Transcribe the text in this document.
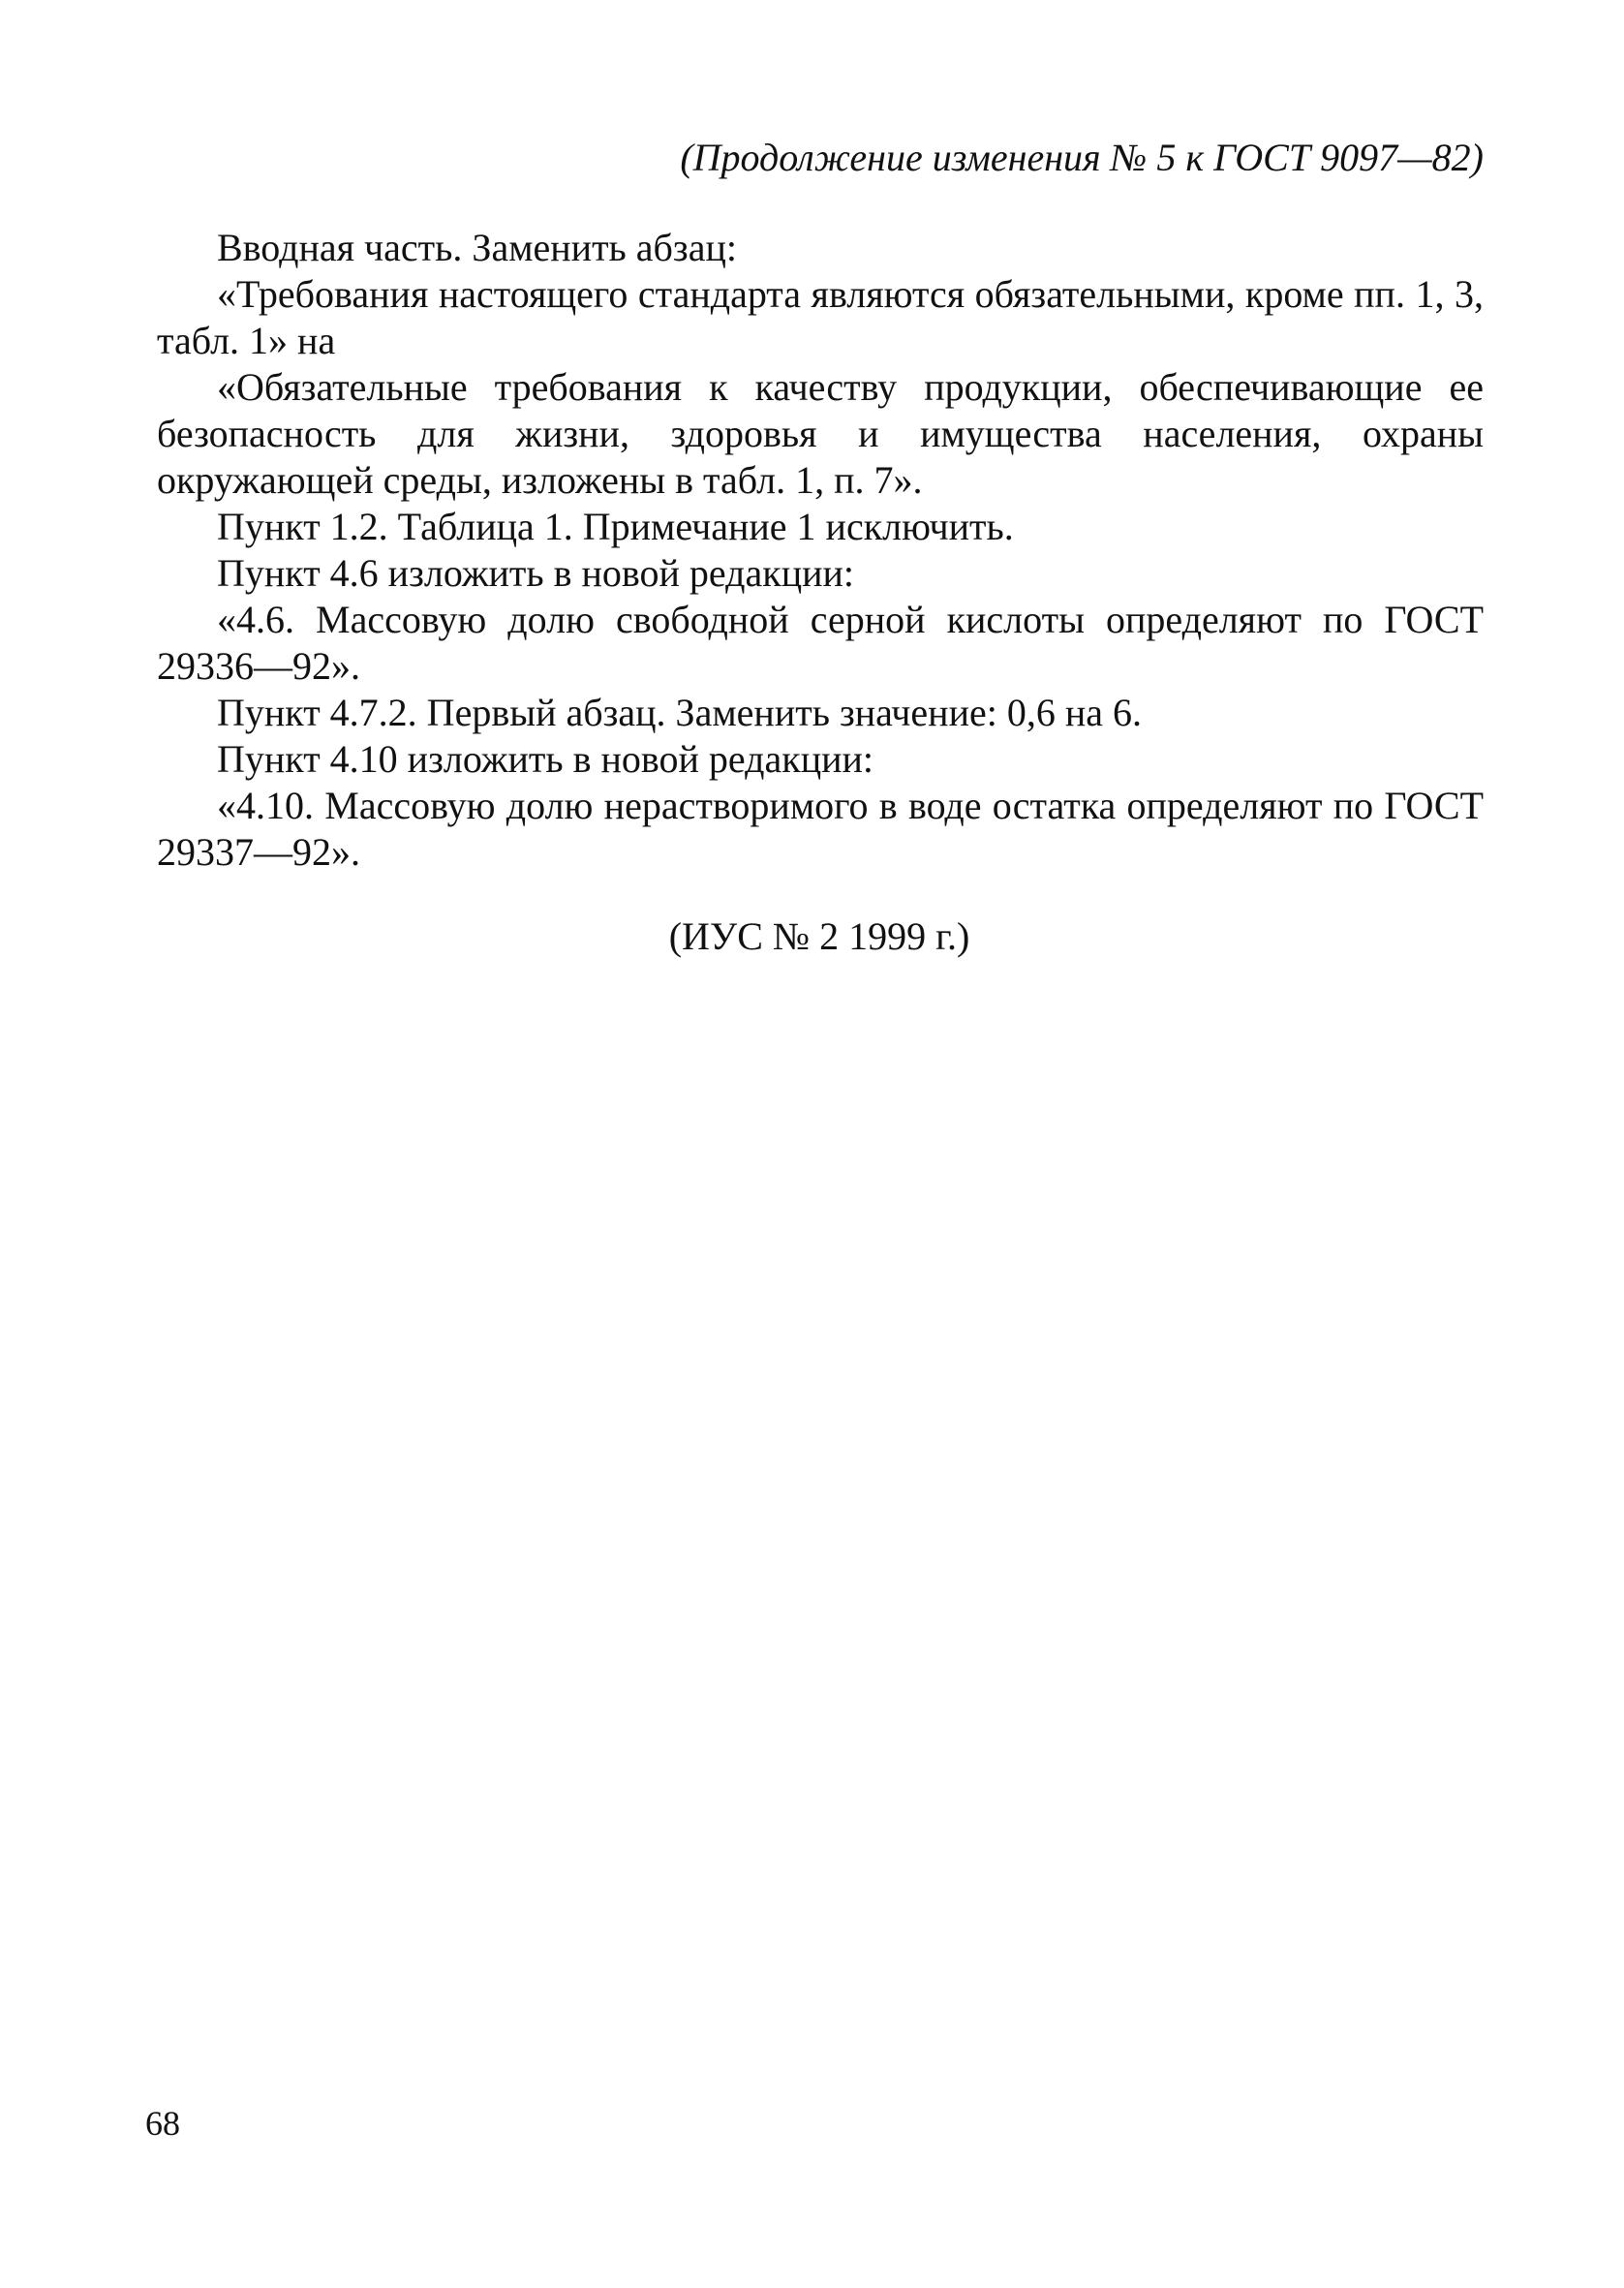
(Продолжение изменения № 5 к ГОСТ 9097—82)

Вводная часть. Заменить абзац:

«Требования настоящего стандарта являются обязательными, кроме пп. 1, 3, табл. 1» на

«Обязательные требования к качеству продукции, обеспечивающие ее безопасность для жизни, здоровья и имущества населения, охраны окружающей среды, изложены в табл. 1, п. 7».

Пункт 1.2. Таблица 1. Примечание 1 исключить.

Пункт 4.6 изложить в новой редакции:

«4.6. Массовую долю свободной серной кислоты определяют по ГОСТ 29336—92».

Пункт 4.7.2. Первый абзац. Заменить значение: 0,6 на 6.

Пункт 4.10 изложить в новой редакции:

«4.10. Массовую долю нерастворимого в воде остатка определяют по ГОСТ 29337—92».

(ИУС № 2 1999 г.)

68
